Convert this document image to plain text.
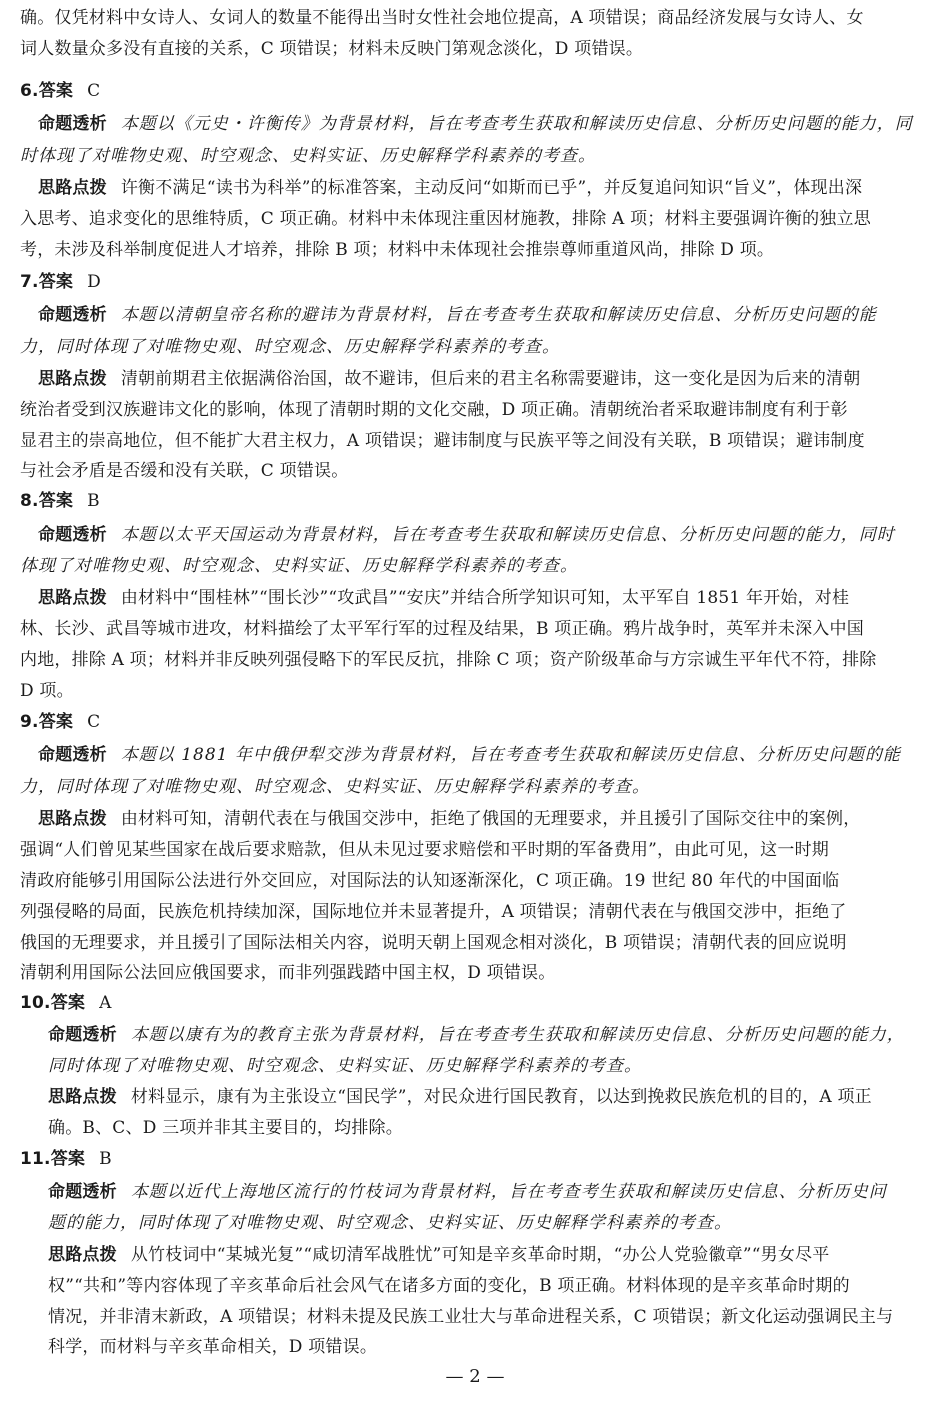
确。仅凭材料中女诗人、女词人的数量不能得出当时女性社会地位提高，A 项错误；商品经济发展与女诗人、女
词人数量众多没有直接的关系，C 项错误；材料未反映门第观念淡化，D 项错误。
6.答案 C
命题透析 本题以《元史・许衡传》为背景材料，旨在考查考生获取和解读历史信息、分析历史问题的能力，同
时体现了对唯物史观、时空观念、史料实证、历史解释学科素养的考查。
思路点拨 许衡不满足“读书为科举”的标准答案，主动反问“如斯而已乎”，并反复追问知识“旨义”，体现出深
入思考、追求变化的思维特质，C 项正确。材料中未体现注重因材施教，排除 A 项；材料主要强调许衡的独立思
考，未涉及科举制度促进人才培养，排除 B 项；材料中未体现社会推崇尊师重道风尚，排除 D 项。
7.答案 D
命题透析 本题以清朝皇帝名称的避讳为背景材料，旨在考查考生获取和解读历史信息、分析历史问题的能
力，同时体现了对唯物史观、时空观念、历史解释学科素养的考查。
思路点拨 清朝前期君主依据满俗治国，故不避讳，但后来的君主名称需要避讳，这一变化是因为后来的清朝
统治者受到汉族避讳文化的影响，体现了清朝时期的文化交融，D 项正确。清朝统治者采取避讳制度有利于彰
显君主的崇高地位，但不能扩大君主权力，A 项错误；避讳制度与民族平等之间没有关联，B 项错误；避讳制度
与社会矛盾是否缓和没有关联，C 项错误。
8.答案 B
命题透析 本题以太平天国运动为背景材料，旨在考查考生获取和解读历史信息、分析历史问题的能力，同时
体现了对唯物史观、时空观念、史料实证、历史解释学科素养的考查。
思路点拨 由材料中“围桂林”“围长沙”“攻武昌”“安庆”并结合所学知识可知，太平军自 1851 年开始，对桂
林、长沙、武昌等城市进攻，材料描绘了太平军行军的过程及结果，B 项正确。鸦片战争时，英军并未深入中国
内地，排除 A 项；材料并非反映列强侵略下的军民反抗，排除 C 项；资产阶级革命与方宗诚生平年代不符，排除
D 项。
9.答案 C
命题透析 本题以 1881 年中俄伊犁交涉为背景材料，旨在考查考生获取和解读历史信息、分析历史问题的能
力，同时体现了对唯物史观、时空观念、史料实证、历史解释学科素养的考查。
思路点拨 由材料可知，清朝代表在与俄国交涉中，拒绝了俄国的无理要求，并且援引了国际交往中的案例，
强调“人们曾见某些国家在战后要求赔款，但从未见过要求赔偿和平时期的军备费用”，由此可见，这一时期
清政府能够引用国际公法进行外交回应，对国际法的认知逐渐深化，C 项正确。19 世纪 80 年代的中国面临
列强侵略的局面，民族危机持续加深，国际地位并未显著提升，A 项错误；清朝代表在与俄国交涉中，拒绝了
俄国的无理要求，并且援引了国际法相关内容，说明天朝上国观念相对淡化，B 项错误；清朝代表的回应说明
清朝利用国际公法回应俄国要求，而非列强践踏中国主权，D 项错误。
10.答案 A
命题透析 本题以康有为的教育主张为背景材料，旨在考查考生获取和解读历史信息、分析历史问题的能力，
同时体现了对唯物史观、时空观念、史料实证、历史解释学科素养的考查。
思路点拨 材料显示，康有为主张设立“国民学”，对民众进行国民教育，以达到挽救民族危机的目的，A 项正
确。B、C、D 三项并非其主要目的，均排除。
11.答案 B
命题透析 本题以近代上海地区流行的竹枝词为背景材料，旨在考查考生获取和解读历史信息、分析历史问
题的能力，同时体现了对唯物史观、时空观念、史料实证、历史解释学科素养的考查。
思路点拨 从竹枝词中“某城光复”“咸切清军战胜忧”可知是辛亥革命时期，“办公人党验徽章”“男女尽平
权”“共和”等内容体现了辛亥革命后社会风气在诸多方面的变化，B 项正确。材料体现的是辛亥革命时期的
情况，并非清末新政，A 项错误；材料未提及民族工业壮大与革命进程关系，C 项错误；新文化运动强调民主与
科学，而材料与辛亥革命相关，D 项错误。
— 2 —
